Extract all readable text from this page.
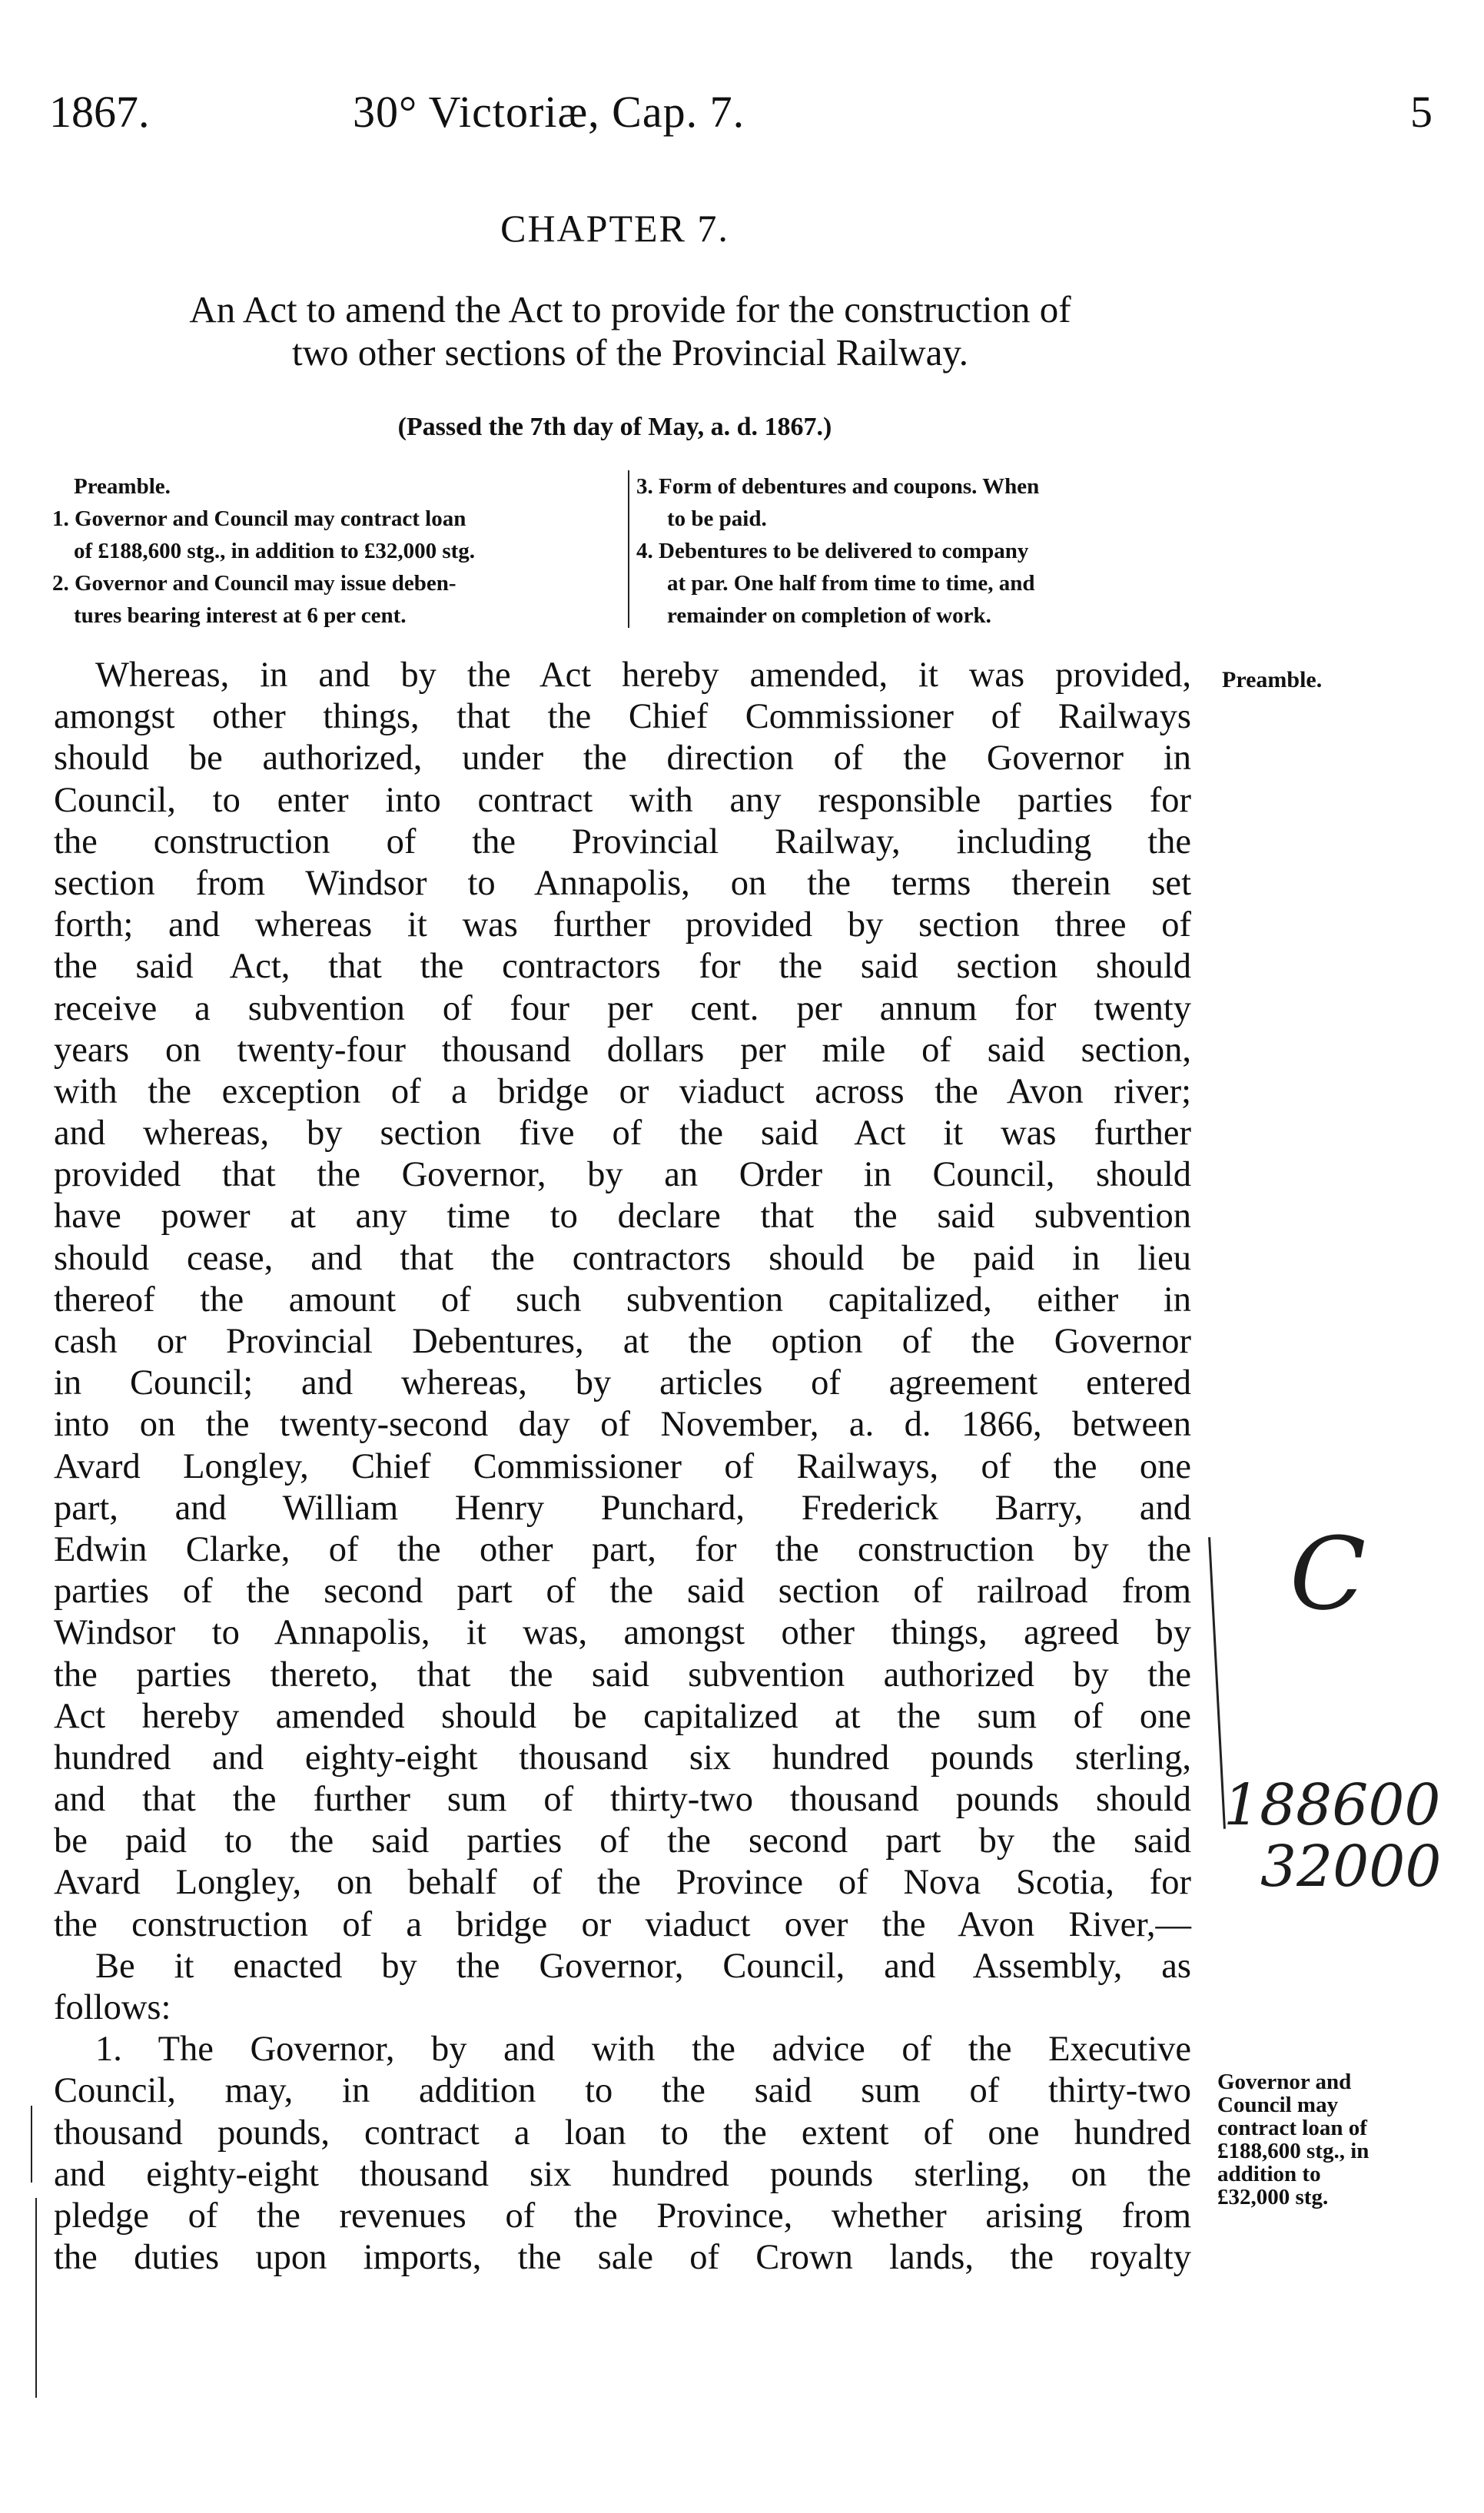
1867.	30° Victoriæ, Cap. 7.	5
CHAPTER 7.
An Act to amend the Act to provide for the construction of
two other sections of the Provincial Railway.
(Passed the 7th day of May, a. d. 1867.)
Preamble.
1. Governor and Council may contract loan
of £188,600 stg., in addition to £32,000 stg.
2. Governor and Council may issue deben-
tures bearing interest at 6 per cent.
3. Form of debentures and coupons. When
to be paid.
4. Debentures to be delivered to company
at par. One half from time to time, and
remainder on completion of work.
Whereas, in and by the Act hereby amended, it was provided,
amongst other things, that the Chief Commissioner of Railways
should be authorized, under the direction of the Governor in
Council, to enter into contract with any responsible parties for
the construction of the Provincial Railway, including the
section from Windsor to Annapolis, on the terms therein set
forth; and whereas it was further provided by section three of
the said Act, that the contractors for the said section should
receive a subvention of four per cent. per annum for twenty
years on twenty-four thousand dollars per mile of said section,
with the exception of a bridge or viaduct across the Avon river;
and whereas, by section five of the said Act it was further
provided that the Governor, by an Order in Council, should
have power at any time to declare that the said subvention
should cease, and that the contractors should be paid in lieu
thereof the amount of such subvention capitalized, either in
cash or Provincial Debentures, at the option of the Governor
in Council; and whereas, by articles of agreement entered
into on the twenty-second day of November, a. d. 1866, between
Avard Longley, Chief Commissioner of Railways, of the one
part, and William Henry Punchard, Frederick Barry, and
Edwin Clarke, of the other part, for the construction by the
parties of the second part of the said section of railroad from
Windsor to Annapolis, it was, amongst other things, agreed by
the parties thereto, that the said subvention authorized by the
Act hereby amended should be capitalized at the sum of one
hundred and eighty-eight thousand six hundred pounds sterling,
and that the further sum of thirty-two thousand pounds should
be paid to the said parties of the second part by the said
Avard Longley, on behalf of the Province of Nova Scotia, for
the construction of a bridge or viaduct over the Avon River,—
Be it enacted by the Governor, Council, and Assembly, as
follows:
1. The Governor, by and with the advice of the Executive
Council, may, in addition to the said sum of thirty-two
thousand pounds, contract a loan to the extent of one hundred
and eighty-eight thousand six hundred pounds sterling, on the
pledge of the revenues of the Province, whether arising from
the duties upon imports, the sale of Crown lands, the royalty
Preamble.
Governor and
Council may
contract loan of
£188,600 stg., in
addition to
£32,000 stg.
C
188600
32000
